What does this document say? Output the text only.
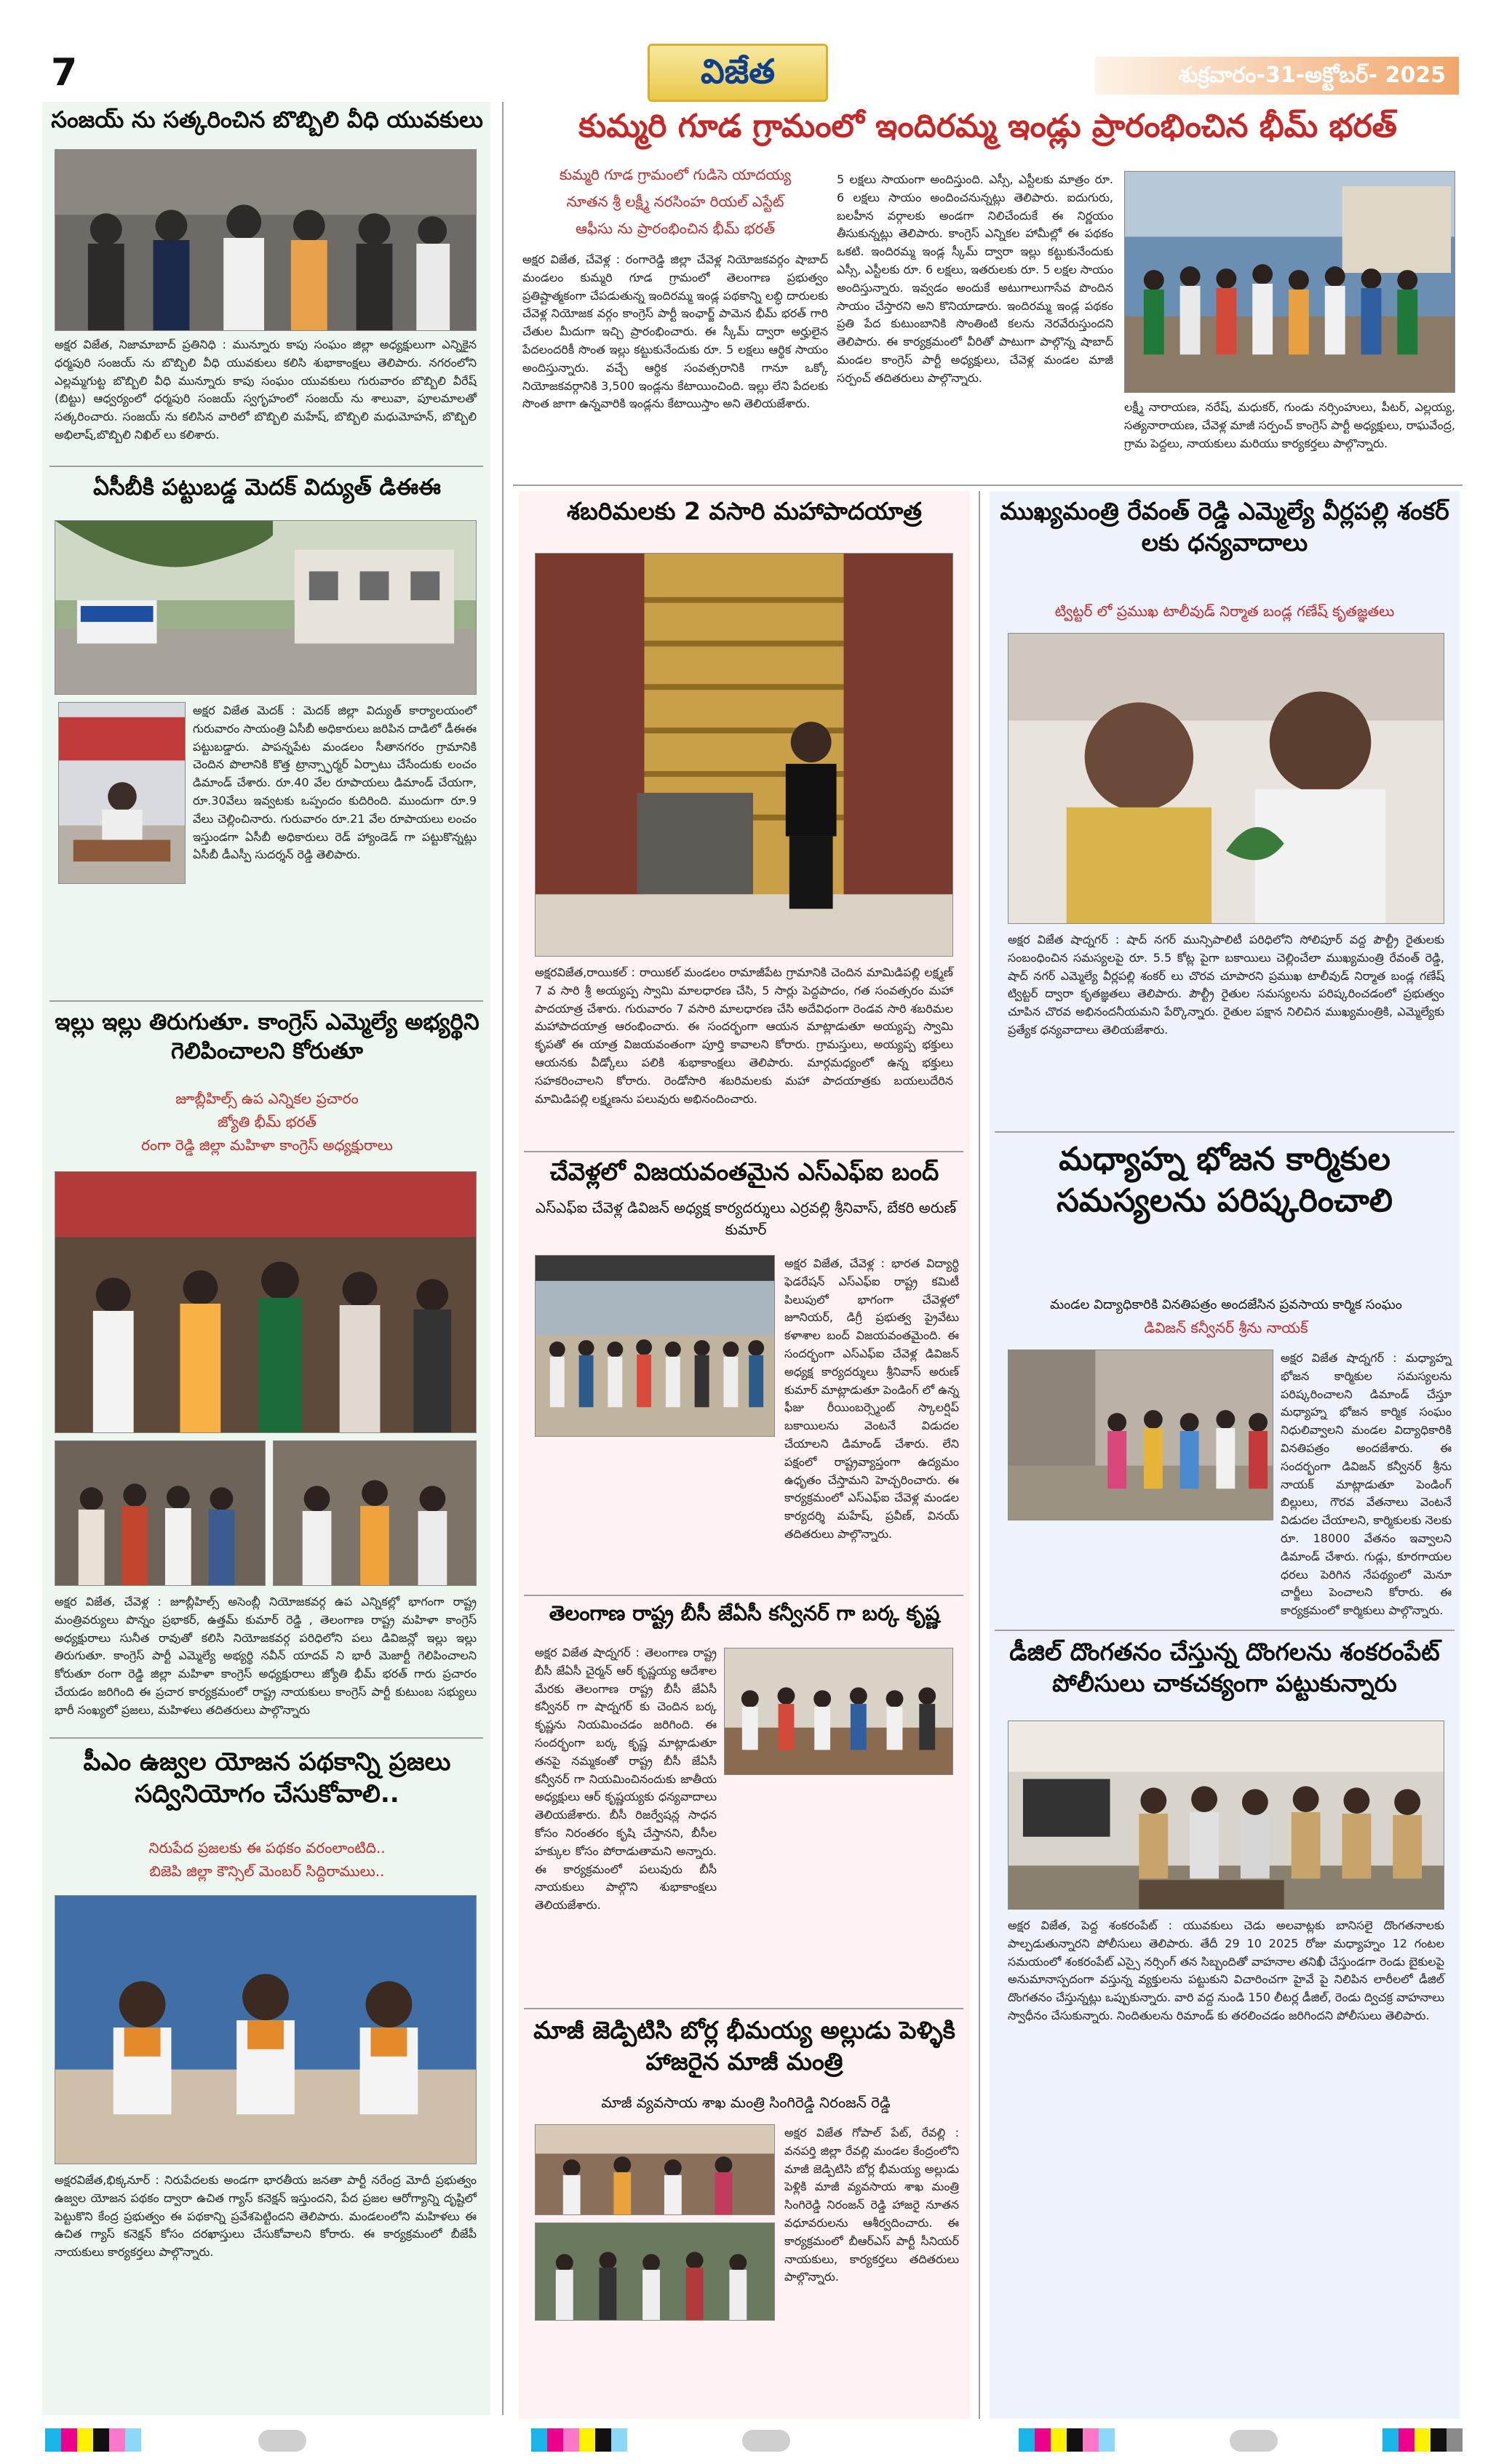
7	విజేత	శుక్రవారం-31-అక్టోబర్- 2025
సంజయ్ ను సత్కరించిన బొబ్బిలి వీధి యువకులు
అక్షర విజేత, నిజామాబాద్ ప్రతినిధి : మున్నూరు కాపు సంఘం జిల్లా అధ్యక్షులుగా ఎన్నికైన ధర్మపురి సంజయ్ ను బొబ్బిలి వీధి యువకులు కలిసి శుభాకాంక్షలు తెలిపారు. నగరంలోని ఎల్లమ్మగుట్ట బొబ్బిలి వీధి మున్నూరు కాపు సంఘం యువకులు గురువారం బొబ్బిలి వీరేష్ (బిట్టు) ఆధ్వర్యంలో ధర్మపురి సంజయ్ స్వగృహంలో సంజయ్ ను శాలువా, పూలమాలతో సత్కరించారు. సంజయ్ ను కలిసిన వారిలో బొబ్బిలి మహేష్, బొబ్బిలి మధుమోహన్, బొబ్బిలి అభిలాష్,బొబ్బిలి నిఖిల్ లు కలిశారు.
ఏసీబీకి పట్టుబడ్డ మెదక్ విద్యుత్ డిఈఈ
అక్షర విజేత మెదక్ : మెదక్ జిల్లా విద్యుత్ కార్యాలయంలో గురువారం సాయంత్రి ఏసీబీ అధికారులు జరిపిన దాడిలో డీఈఈ పట్టుబడ్డారు. పాపన్నపేట మండలం సీతానగరం గ్రామానికి చెందిన పొలానికి కొత్త ట్రాన్స్ఫార్మర్ ఏర్పాటు చేసేందుకు లంచం డిమాండ్ చేశారు. రూ.40 వేల రూపాయలు డిమాండ్ చేయగా, రూ.30వేలు ఇవ్వటకు ఒప్పందం కుదిరింది. ముందుగా రూ.9 వేలు చెల్లించినారు. గురువారం రూ.21 వేల రూపాయలు లంచం ఇస్తుండగా ఏసీబీ అధికారులు రెడ్ హ్యాండెడ్ గా పట్టుకొన్నట్లు ఏసీబీ డీఎస్పీ సుదర్శన్ రెడ్డి తెలిపారు.
ఇల్లు ఇల్లు తిరుగుతూ. కాంగ్రెస్ ఎమ్మెల్యే అభ్యర్థిని గెలిపించాలని కోరుతూ
జూబ్లీహిల్స్ ఉప ఎన్నికల ప్రచారం
జ్యోతి భీమ్ భరత్
రంగా రెడ్డి జిల్లా మహిళా కాంగ్రెస్ అధ్యక్షురాలు
అక్షర విజేత, చేవెళ్ల : జూబ్లీహిల్స్ అసెంబ్లీ నియోజకవర్గ ఉప ఎన్నికల్లో భాగంగా రాష్ట్ర మంత్రివర్యులు పొన్నం ప్రభాకర్, ఉత్తమ్ కుమార్ రెడ్డి , తెలంగాణ రాష్ట్ర మహిళా కాంగ్రెస్ అధ్యక్షురాలు సునీత రావుతో కలిసి నియోజకవర్గ పరిధిలోని పలు డివిజన్లో ఇల్లు ఇల్లు తిరుగుతూ. కాంగ్రెస్ పార్టీ ఎమ్మెల్యే అభ్యర్థి నవీన్ యాదవ్ ని భారీ మెజార్టీ గెలిపించాలని కోరుతూ రంగా రెడ్డి జిల్లా మహిళా కాంగ్రెస్ అధ్యక్షురాలు జ్యోతి భీమ్ భరత్ గారు ప్రచారం చేయడం జరిగింది ఈ ప్రచార కార్యక్రమంలో రాష్ట్ర నాయకులు కాంగ్రెస్ పార్టీ కుటుంబ సభ్యులు భారీ సంఖ్యలో ప్రజలు, మహిళలు తదితరులు పాల్గొన్నారు
పీఎం ఉజ్వల యోజన పథకాన్ని ప్రజలు సద్వినియోగం చేసుకోవాలి..
నిరుపేద ప్రజలకు ఈ పథకం వరంలాంటిది..
బిజెపి జిల్లా కౌన్సిల్ మెంబర్ సిద్దిరాములు..
అక్షరవిజేత,భిక్కనూర్ : నిరుపేదలకు అండగా భారతీయ జనతా పార్టీ నరేంద్ర మోదీ ప్రభుత్వం ఉజ్వల యోజన పథకం ద్వారా ఉచిత గ్యాస్ కనెక్షన్ ఇస్తుందని, పేద ప్రజల ఆరోగ్యాన్ని దృష్టిలో పెట్టుకొని కేంద్ర ప్రభుత్వం ఈ పథకాన్ని ప్రవేశపెట్టిందని తెలిపారు. మండలంలోని మహిళలు ఈ ఉచిత గ్యాస్ కనెక్షన్ కోసం దరఖాస్తులు చేసుకోవాలని కోరారు. ఈ కార్యక్రమంలో బీజేపీ నాయకులు కార్యకర్తలు పాల్గొన్నారు.
కుమ్మరి గూడ గ్రామంలో ఇందిరమ్మ ఇండ్లు ప్రారంభించిన భీమ్ భరత్
కుమ్మరి గూడ గ్రామంలో గుడిసె యాదయ్య
నూతన శ్రీ లక్ష్మీ నరసింహ రియల్ ఎస్టేట్
ఆఫీసు ను ప్రారంభించిన భీమ్ భరత్
అక్షర విజేత, చేవెళ్ల : రంగారెడ్డి జిల్లా చేవెళ్ల నియోజకవర్గం షాబాద్ మండలం కుమ్మరి గూడ గ్రామంలో తెలంగాణ ప్రభుత్వం ప్రతిష్టాత్మకంగా చేపడుతున్న ఇందిరమ్మ ఇండ్ల పథకాన్ని లబ్ధి దారులకు చేవెళ్ల నియోజక వర్గం కాంగ్రెస్ పార్టీ ఇంఛార్జ్ పామెన భీమ్ భరత్ గారి చేతుల మీదుగా ఇచ్చి ప్రారంభించారు. ఈ స్కీమ్ ద్వారా అర్హులైన పేదలందరికీ సొంత ఇల్లు కట్టుకునేందుకు రూ. 5 లక్షలు ఆర్థిక సాయం అందిస్తున్నారు. వచ్చే ఆర్థిక సంవత్సరానికి గానూ ఒక్కో నియోజకవర్గానికి 3,500 ఇండ్లను కేటాయించింది. ఇల్లు లేని పేదలకు సొంత జాగా ఉన్నవారికి ఇండ్లను కేటాయిస్తాం అని తెలియజేశారు.
5 లక్షలు సాయంగా అందిస్తుంది. ఎస్సీ, ఎస్టీలకు మాత్రం రూ. 6 లక్షలు సాయం అందించనున్నట్లు తెలిపారు. ఐదుగురు, బలహీన వర్గాలకు అండగా నిలిచేందుకే ఈ నిర్ణయం తీసుకున్నట్లు తెలిపారు. కాంగ్రెస్ ఎన్నికల హామీల్లో ఈ పథకం ఒకటి. ఇందిరమ్మ ఇండ్ల స్కీమ్ ద్వారా ఇల్లు కట్టుకునేందుకు ఎస్సీ, ఎస్టీలకు రూ. 6 లక్షలు, ఇతరులకు రూ. 5 లక్షల సాయం అందిస్తున్నారు. ఇవ్వడం అందుకే అటుగాలుగాసేవ పొందిన సాయం చేస్తారని అని కొనియాడారు. ఇందిరమ్మ ఇండ్ల పథకం ప్రతి పేద కుటుంబానికి సొంతింటి కలను నెరవేరుస్తుందని తెలిపారు. ఈ కార్యక్రమంలో వీరితో పాటుగా పాల్గొన్న షాబాద్ మండల కాంగ్రెస్ పార్టీ అధ్యక్షులు, చేవెళ్ల మండల మాజీ సర్పంచ్ తదితరులు పాల్గొన్నారు.
లక్ష్మీ నారాయణ, నరేష్, మధుకర్, గుండు నర్సింహులు, పీటర్, ఎల్లయ్య, సత్యనారాయణ, చేవెళ్ల మాజీ సర్పంచ్ కాంగ్రెస్ పార్టీ అధ్యక్షులు, రాఘవేంద్ర, గ్రామ పెద్దలు, నాయకులు మరియు కార్యకర్తలు పాల్గొన్నారు.
శబరిమలకు 2 వసారి మహాపాదయాత్ర
అక్షరవిజేత,రాయికల్ : రాయికల్ మండలం రామాజీపేట గ్రామానికి చెందిన మామిడిపల్లి లక్ష్మణ్ 7 వ సారి శ్రీ అయ్యప్ప స్వామి మాలధారణ చేసి, 5 సార్లు పెద్దపాదం, గత సంవత్సరం మహా పాదయాత్ర చేశారు. గురువారం 7 వసారి మాలధారణ చేసి అదేవిధంగా రెండవ సారి శబరిమల మహాపాదయాత్ర ఆరంభించారు. ఈ సందర్భంగా ఆయన మాట్లాడుతూ అయ్యప్ప స్వామి కృపతో ఈ యాత్ర విజయవంతంగా పూర్తి కావాలని కోరారు. గ్రామస్తులు, అయ్యప్ప భక్తులు ఆయనకు వీడ్కోలు పలికి శుభాకాంక్షలు తెలిపారు. మార్గమధ్యంలో ఉన్న భక్తులు సహకరించాలని కోరారు. రెండోసారి శబరిమలకు మహా పాదయాత్రకు బయలుదేరిన మామిడిపల్లి లక్ష్మణను పలువురు అభినందించారు.
చేవెళ్లలో విజయవంతమైన ఎస్ఎఫ్ఐ బంద్
ఎస్ఎఫ్ఐ చేవెళ్ల డివిజన్ అధ్యక్ష కార్యదర్శులు ఎర్రవల్లి శ్రీనివాస్, బేకరి అరుణ్ కుమార్
అక్షర విజేత, చేవెళ్ల : భారత విద్యార్థి ఫెడరేషన్ ఎస్ఎఫ్ఐ రాష్ట్ర కమిటీ పిలుపులో భాగంగా చేవెళ్లలో జూనియర్, డిగ్రీ ప్రభుత్వ ప్రైవేటు కళాశాల బంద్ విజయవంతమైంది. ఈ సందర్భంగా ఎస్ఎఫ్ఐ చేవెళ్ల డివిజన్ అధ్యక్ష కార్యదర్శులు శ్రీనివాస్ అరుణ్ కుమార్ మాట్లాడుతూ పెండింగ్ లో ఉన్న ఫీజు రీయింబర్స్మెంట్ స్కాలర్షిప్ బకాయిలను వెంటనే విడుదల చేయాలని డిమాండ్ చేశారు. లేని పక్షంలో రాష్ట్రవ్యాప్తంగా ఉద్యమం ఉధృతం చేస్తామని హెచ్చరించారు. ఈ కార్యక్రమంలో ఎస్ఎఫ్ఐ చేవెళ్ల మండల కార్యదర్శి మహేష్, ప్రవీణ్, వినయ్ తదితరులు పాల్గొన్నారు.
తెలంగాణ రాష్ట్ర బీసీ జేఏసీ కన్వీనర్ గా బర్క కృష్ణ
అక్షర విజేత షాద్నగర్ : తెలంగాణ రాష్ట్ర బీసీ జేఏసీ చైర్మన్ ఆర్ కృష్ణయ్య ఆదేశాల మేరకు తెలంగాణ రాష్ట్ర బీసీ జేఏసీ కన్వీనర్ గా షాద్నగర్ కు చెందిన బర్క కృష్ణను నియమించడం జరిగింది. ఈ సందర్భంగా బర్క కృష్ణ మాట్లాడుతూ తనపై నమ్మకంతో రాష్ట్ర బీసీ జేఏసీ కన్వీనర్ గా నియమించినందుకు జాతీయ అధ్యక్షులు ఆర్ కృష్ణయ్యకు ధన్యవాదాలు తెలియజేశారు. బీసీ రిజర్వేషన్ల సాధన కోసం నిరంతరం కృషి చేస్తానని, బీసీల హక్కుల కోసం పోరాడుతామని అన్నారు. ఈ కార్యక్రమంలో పలువురు బీసీ నాయకులు పాల్గొని శుభాకాంక్షలు తెలియజేశారు.
మాజీ జెడ్పిటిసి బోర్ల భీమయ్య అల్లుడు పెళ్ళికి హాజరైన మాజీ మంత్రి
మాజీ వ్యవసాయ శాఖ మంత్రి సింగిరెడ్డి నిరంజన్ రెడ్డి
అక్షర విజేత గోపాల్ పేట్, రేవల్లి : వనపర్తి జిల్లా రేవల్లి మండల కేంద్రంలోని మాజీ జెడ్పిటిసి బోర్ల భీమయ్య అల్లుడు పెళ్లికి మాజీ వ్యవసాయ శాఖ మంత్రి సింగిరెడ్డి నిరంజన్ రెడ్డి హాజరై నూతన వధూవరులను ఆశీర్వదించారు. ఈ కార్యక్రమంలో బీఆర్ఎస్ పార్టీ సీనియర్ నాయకులు, కార్యకర్తలు తదితరులు పాల్గొన్నారు.
ముఖ్యమంత్రి రేవంత్ రెడ్డి ఎమ్మెల్యే వీర్లపల్లి శంకర్ లకు ధన్యవాదాలు
ట్విట్టర్ లో ప్రముఖ టాలీవుడ్ నిర్మాత బండ్ల గణేష్ కృతజ్ఞతలు
అక్షర విజేత షాద్నగర్ : షాద్ నగర్ మున్సిపాలిటీ పరిధిలోని సోలిపూర్ వద్ద పౌల్ట్రీ రైతులకు సంబంధించిన సమస్యలపై రూ. 5.5 కోట్ల పైగా బకాయిలు చెల్లించేలా ముఖ్యమంత్రి రేవంత్ రెడ్డి, షాద్ నగర్ ఎమ్మెల్యే వీర్లపల్లి శంకర్ లు చొరవ చూపారని ప్రముఖ టాలీవుడ్ నిర్మాత బండ్ల గణేష్ ట్విట్టర్ ద్వారా కృతజ్ఞతలు తెలిపారు. పౌల్ట్రీ రైతుల సమస్యలను పరిష్కరించడంలో ప్రభుత్వం చూపిన చొరవ అభినందనీయమని పేర్కొన్నారు. రైతుల పక్షాన నిలిచిన ముఖ్యమంత్రికి, ఎమ్మెల్యేకు ప్రత్యేక ధన్యవాదాలు తెలియజేశారు.
మధ్యాహ్న భోజన కార్మికుల సమస్యలను పరిష్కరించాలి
మండల విద్యాధికారికి వినతిపత్రం అందజేసిన ప్రవసాయ కార్మిక సంఘం
డివిజన్ కన్వీనర్ శ్రీను నాయక్
అక్షర విజేత షాద్నగర్ : మధ్యాహ్న భోజన కార్మికుల సమస్యలను పరిష్కరించాలని డిమాండ్ చేస్తూ మధ్యాహ్న భోజన కార్మిక సంఘం నిధులివ్వాలని మండల విద్యాధికారికి వినతిపత్రం అందజేశారు. ఈ సందర్భంగా డివిజన్ కన్వీనర్ శ్రీను నాయక్ మాట్లాడుతూ పెండింగ్ బిల్లులు, గౌరవ వేతనాలు వెంటనే విడుదల చేయాలని, కార్మికులకు నెలకు రూ. 18000 వేతనం ఇవ్వాలని డిమాండ్ చేశారు. గుడ్లు, కూరగాయల ధరలు పెరిగిన నేపథ్యంలో మెనూ చార్జీలు పెంచాలని కోరారు. ఈ కార్యక్రమంలో కార్మికులు పాల్గొన్నారు.
డీజిల్ దొంగతనం చేస్తున్న దొంగలను శంకరంపేట్ పోలీసులు చాకచక్యంగా పట్టుకున్నారు
అక్షర విజేత, పెద్ద శంకరంపేట్ : యువకులు చెడు అలవాట్లకు బానిసలై దొంగతనాలకు పాల్పడుతున్నారని పోలీసులు తెలిపారు. తేదీ 29 10 2025 రోజు మధ్యాహ్నం 12 గంటల సమయంలో శంకరంపేట్ ఎస్సై నర్సింగ్ తన సిబ్బందితో వాహనాల తనిఖీ చేస్తుండగా రెండు బైకులపై అనుమానాస్పదంగా వస్తున్న వ్యక్తులను పట్టుకుని విచారించగా హైవే పై నిలిపిన లారీలలో డీజిల్ దొంగతనం చేస్తున్నట్లు ఒప్పుకున్నారు. వారి వద్ద నుండి 150 లీటర్ల డీజిల్, రెండు ద్విచక్ర వాహనాలు స్వాధీనం చేసుకున్నారు. నిందితులను రిమాండ్ కు తరలించడం జరిగిందని పోలీసులు తెలిపారు.
